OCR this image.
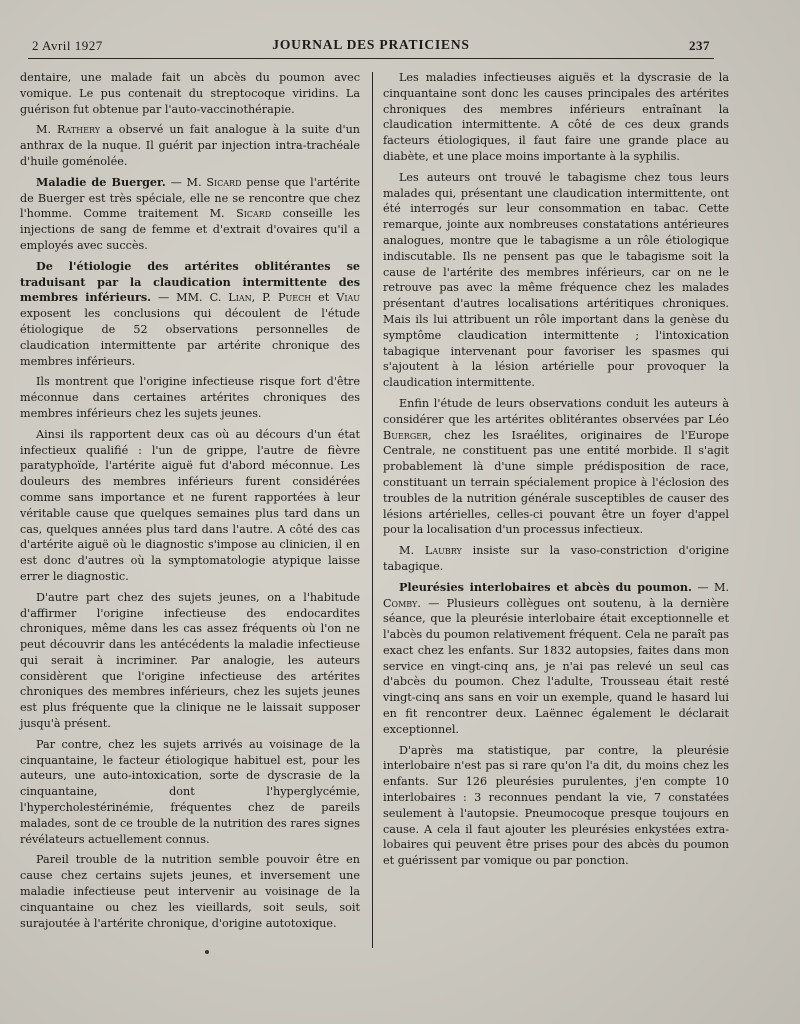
2 Avril 1927	JOURNAL DES PRATICIENS	237

dentaire, une malade fait un abcès du poumon avec vomique. Le pus contenait du streptocoque viridins. La guérison fut obtenue par l'auto-vaccinothérapie.

M. Rathery a observé un fait analogue à la suite d'un anthrax de la nuque. Il guérit par injection intra-trachéale d'huile goménolée.

Maladie de Buerger. — M. Sicard pense que l'artérite de Buerger est très spéciale, elle ne se rencontre que chez l'homme. Comme traitement M. Sicard conseille les injections de sang de femme et d'extrait d'ovaires qu'il a employés avec succès.

De l'étiologie des artérites oblitérantes se traduisant par la claudication intermittente des membres inférieurs. — MM. C. Lian, P. Puech et Viau exposent les conclusions qui découlent de l'étude étiologique de 52 observations personnelles de claudication intermittente par artérite chronique des membres inférieurs.

Ils montrent que l'origine infectieuse risque fort d'être méconnue dans certaines artérites chroniques des membres inférieurs chez les sujets jeunes.

Ainsi ils rapportent deux cas où au décours d'un état infectieux qualifié : l'un de grippe, l'autre de fièvre paratyphoïde, l'artérite aiguë fut d'abord méconnue. Les douleurs des membres inférieurs furent considérées comme sans importance et ne furent rapportées à leur véritable cause que quelques semaines plus tard dans un cas, quelques années plus tard dans l'autre. A côté des cas d'artérite aiguë où le diagnostic s'impose au clinicien, il en est donc d'autres où la symptomatologie atypique laisse errer le diagnostic.

D'autre part chez des sujets jeunes, on a l'habitude d'affirmer l'origine infectieuse des endocardites chroniques, même dans les cas assez fréquents où l'on ne peut découvrir dans les antécédents la maladie infectieuse qui serait à incriminer. Par analogie, les auteurs considèrent que l'origine infectieuse des artérites chroniques des membres inférieurs, chez les sujets jeunes est plus fréquente que la clinique ne le laissait supposer jusqu'à présent.

Par contre, chez les sujets arrivés au voisinage de la cinquantaine, le facteur étiologique habituel est, pour les auteurs, une auto-intoxication, sorte de dyscrasie de la cinquantaine, dont l'hyperglycémie, l'hypercholestérinémie, fréquentes chez de pareils malades, sont de ce trouble de la nutrition des rares signes révélateurs actuellement connus.

Pareil trouble de la nutrition semble pouvoir être en cause chez certains sujets jeunes, et inversement une maladie infectieuse peut intervenir au voisinage de la cinquantaine ou chez les vieillards, soit seuls, soit surajoutée à l'artérite chronique, d'origine autotoxique.

Les maladies infectieuses aiguës et la dyscrasie de la cinquantaine sont donc les causes principales des artérites chroniques des membres inférieurs entraînant la claudication intermittente. A côté de ces deux grands facteurs étiologiques, il faut faire une grande place au diabète, et une place moins importante à la syphilis.

Les auteurs ont trouvé le tabagisme chez tous leurs malades qui, présentant une claudication intermittente, ont été interrogés sur leur consommation en tabac. Cette remarque, jointe aux nombreuses constatations antérieures analogues, montre que le tabagisme a un rôle étiologique indiscutable. Ils ne pensent pas que le tabagisme soit la cause de l'artérite des membres inférieurs, car on ne le retrouve pas avec la même fréquence chez les malades présentant d'autres localisations artéritiques chroniques. Mais ils lui attribuent un rôle important dans la genèse du symptôme claudication intermittente ; l'intoxication tabagique intervenant pour favoriser les spasmes qui s'ajoutent à la lésion artérielle pour provoquer la claudication intermittente.

Enfin l'étude de leurs observations conduit les auteurs à considérer que les artérites oblitérantes observées par Léo Buerger, chez les Israélites, originaires de l'Europe Centrale, ne constituent pas une entité morbide. Il s'agit probablement là d'une simple prédisposition de race, constituant un terrain spécialement propice à l'éclosion des troubles de la nutrition générale susceptibles de causer des lésions artérielles, celles-ci pouvant être un foyer d'appel pour la localisation d'un processus infectieux.

M. Laubry insiste sur la vaso-constriction d'origine tabagique.

Pleurésies interlobaires et abcès du poumon. — M. Comby. — Plusieurs collègues ont soutenu, à la dernière séance, que la pleurésie interlobaire était exceptionnelle et l'abcès du poumon relativement fréquent. Cela ne paraît pas exact chez les enfants. Sur 1832 autopsies, faites dans mon service en vingt-cinq ans, je n'ai pas relevé un seul cas d'abcès du poumon. Chez l'adulte, Trousseau était resté vingt-cinq ans sans en voir un exemple, quand le hasard lui en fit rencontrer deux. Laënnec également le déclarait exceptionnel.

D'après ma statistique, par contre, la pleurésie interlobaire n'est pas si rare qu'on l'a dit, du moins chez les enfants. Sur 126 pleurésies purulentes, j'en compte 10 interlobaires : 3 reconnues pendant la vie, 7 constatées seulement à l'autopsie. Pneumocoque presque toujours en cause. A cela il faut ajouter les pleurésies enkystées extra-lobaires qui peuvent être prises pour des abcès du poumon et guérissent par vomique ou par ponction.
